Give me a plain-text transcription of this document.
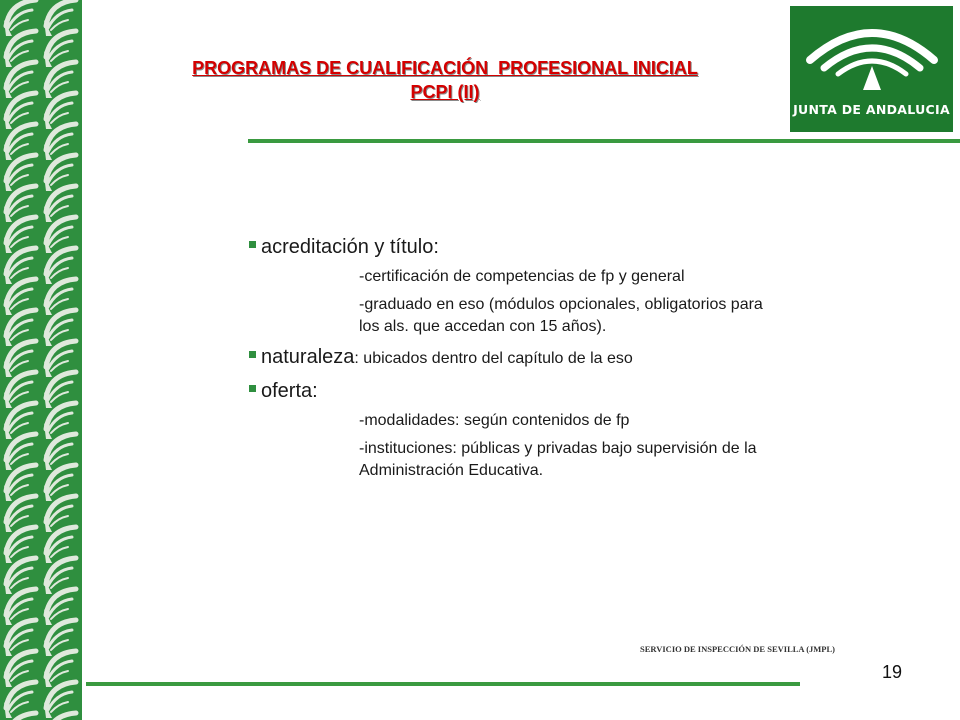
PROGRAMAS DE CUALIFICACIÓN  PROFESIONAL INICIAL
PCPI (II)
JUNTA DE ANDALUCIA
acreditación y título:
-certificación de competencias de fp y general
-graduado en eso (módulos opcionales, obligatorios para los als. que accedan con 15 años).
naturaleza: ubicados dentro del capítulo de la eso
oferta:
-modalidades: según contenidos de fp
-instituciones: públicas y privadas bajo supervisión de la Administración Educativa.
SERVICIO DE INSPECCIÓN DE SEVILLA (JMPL)
19
